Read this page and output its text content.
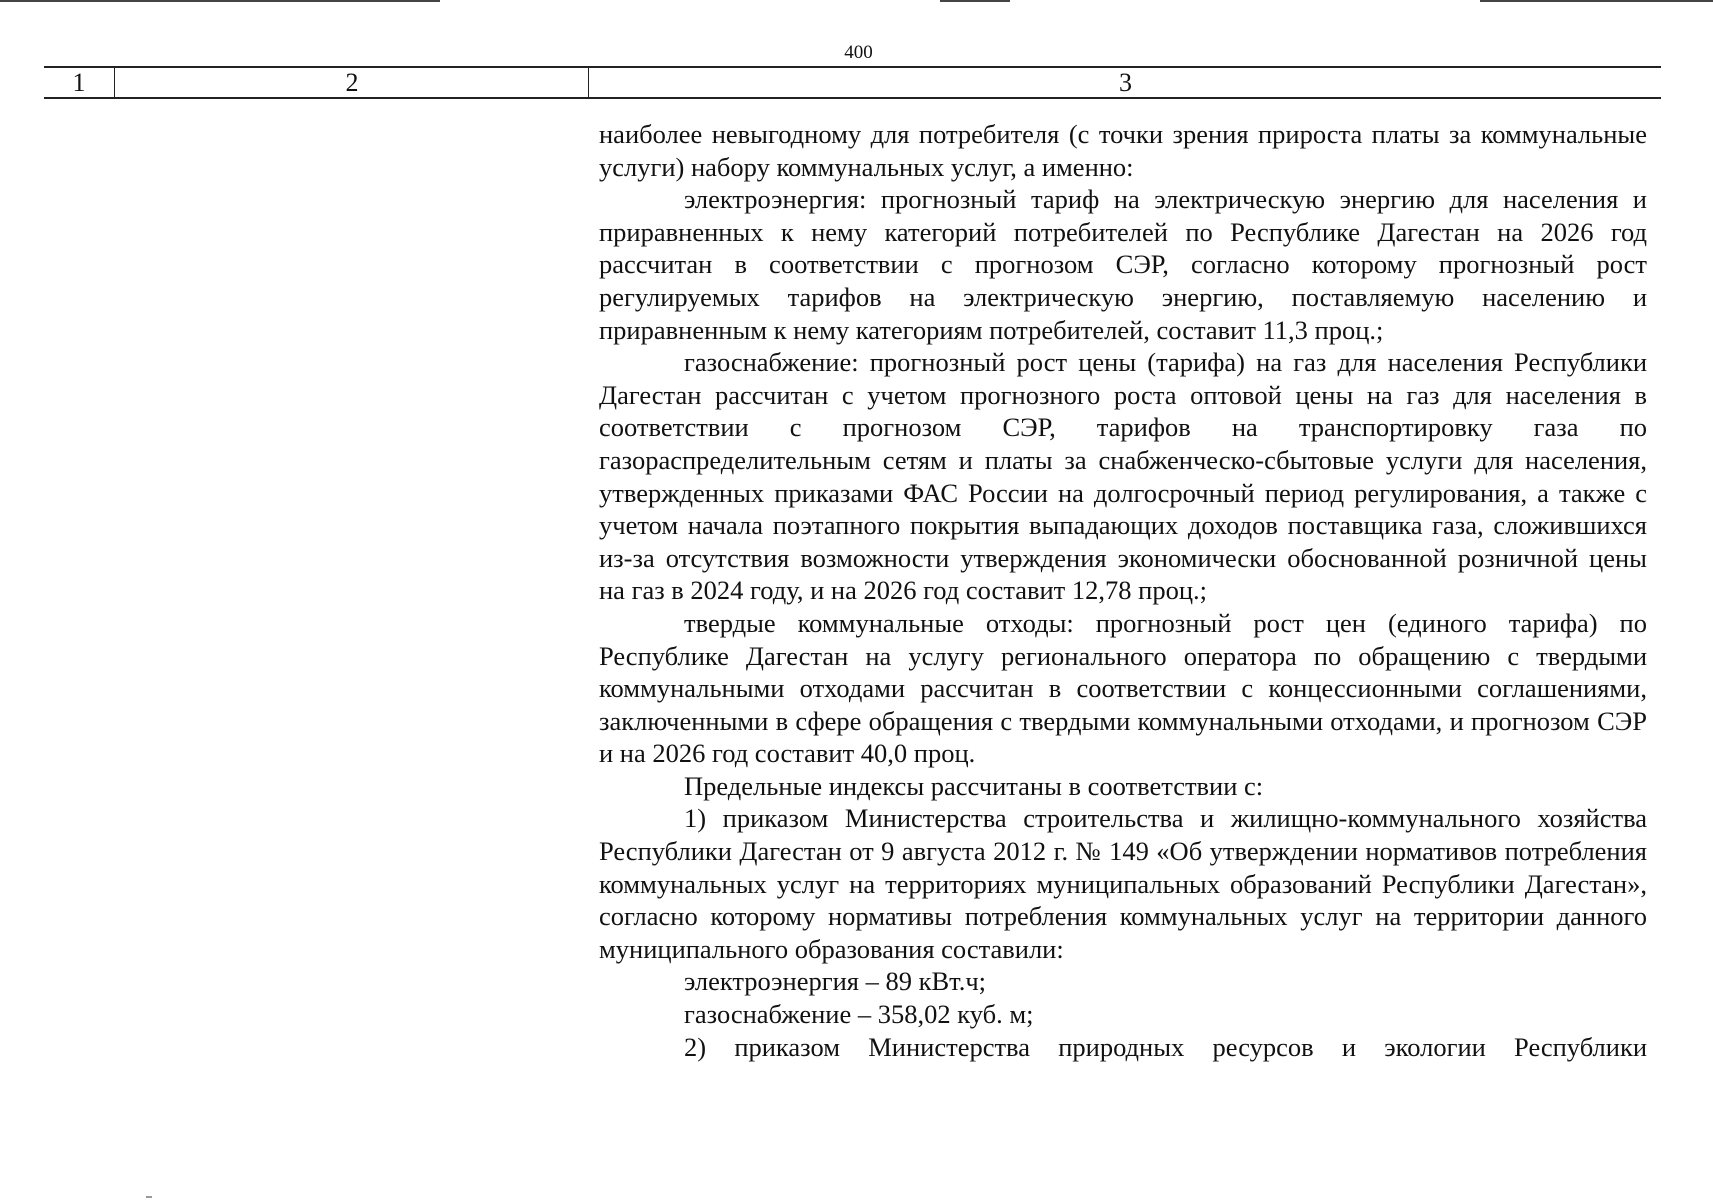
400
1	2	3

наиболее невыгодному для потребителя (с точки зрения прироста платы за коммунальные услуги) набору коммунальных услуг, а именно:

электроэнергия: прогнозный тариф на электрическую энергию для населения и приравненных к нему категорий потребителей по Республике Дагестан на 2026 год рассчитан в соответствии с прогнозом СЭР, согласно которому прогнозный рост регулируемых тарифов на электрическую энергию, поставляемую населению и приравненным к нему категориям потребителей, составит 11,3 проц.;

газоснабжение: прогнозный рост цены (тарифа) на газ для населения Республики Дагестан рассчитан с учетом прогнозного роста оптовой цены на газ для населения в соответствии с прогнозом СЭР, тарифов на транспортировку газа по газораспределительным сетям и платы за снабженческо-сбытовые услуги для населения, утвержденных приказами ФАС России на долгосрочный период регулирования, а также с учетом начала поэтапного покрытия выпадающих доходов поставщика газа, сложившихся из-за отсутствия возможности утверждения экономически обоснованной розничной цены на газ в 2024 году, и на 2026 год составит 12,78 проц.;

твердые коммунальные отходы: прогнозный рост цен (единого тарифа) по Республике Дагестан на услугу регионального оператора по обращению с твердыми коммунальными отходами рассчитан в соответствии с концессионными соглашениями, заключенными в сфере обращения с твердыми коммунальными отходами, и прогнозом СЭР и на 2026 год составит 40,0 проц.

Предельные индексы рассчитаны в соответствии с:

1) приказом Министерства строительства и жилищно-коммунального хозяйства Республики Дагестан от 9 августа 2012 г. № 149 «Об утверждении нормативов потребления коммунальных услуг на территориях муниципальных образований Республики Дагестан», согласно которому нормативы потребления коммунальных услуг на территории данного муниципального образования составили:

электроэнергия – 89 кВт.ч;

газоснабжение – 358,02 куб. м;

2) приказом Министерства природных ресурсов и экологии Республики
